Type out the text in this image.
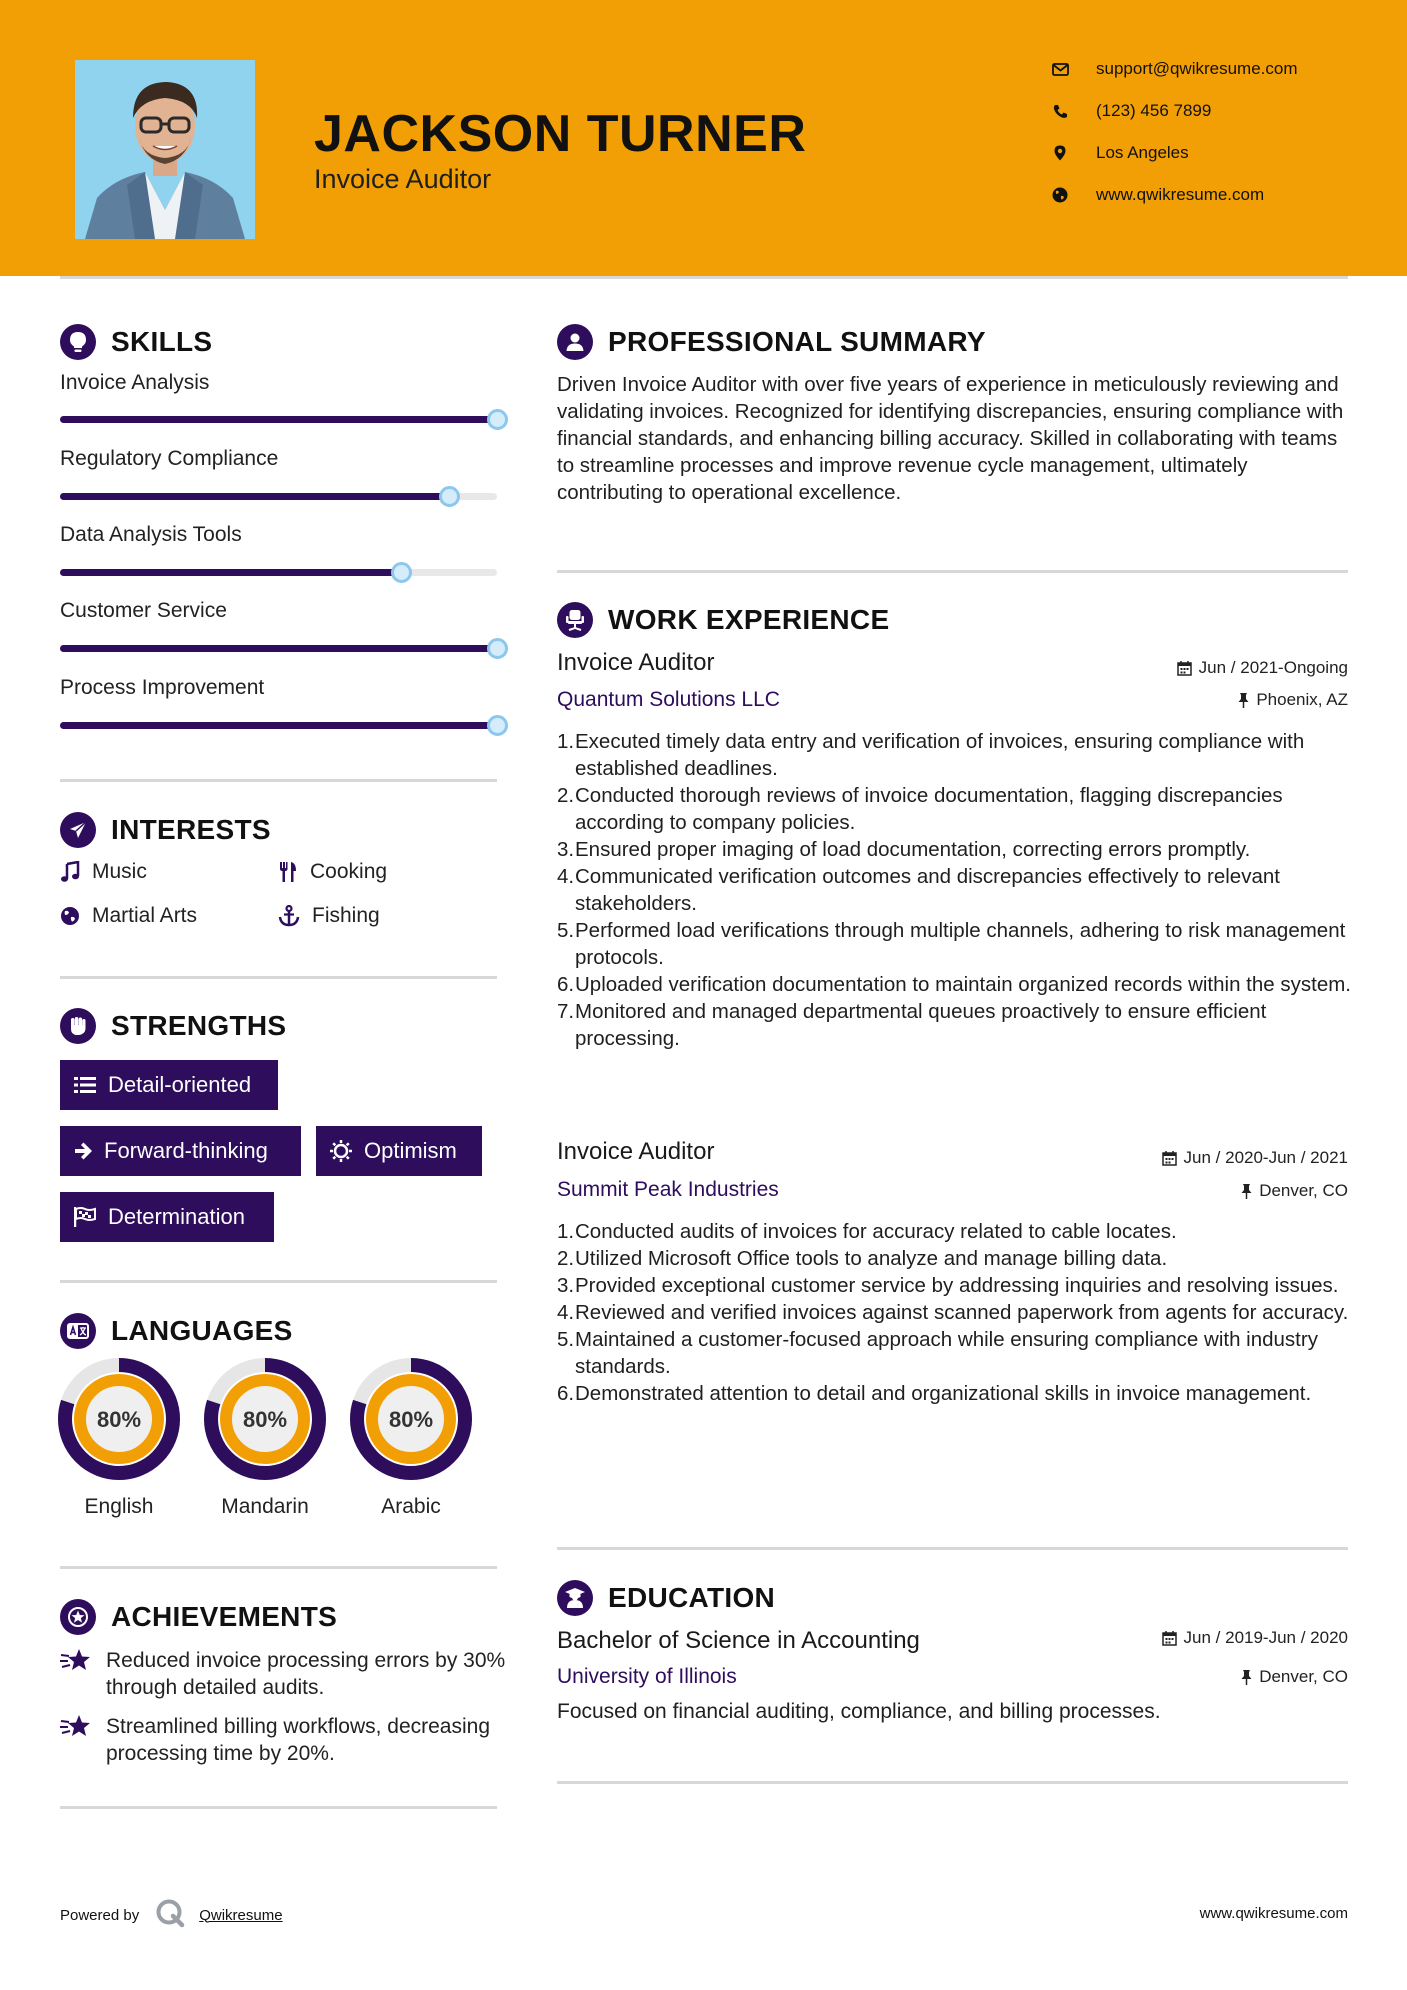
JACKSON TURNER
Invoice Auditor
support@qwikresume.com
(123) 456 7899
Los Angeles
www.qwikresume.com
SKILLS
Invoice Analysis
Regulatory Compliance
Data Analysis Tools
Customer Service
Process Improvement
INTERESTS
Music	Cooking
Martial Arts	Fishing
STRENGTHS
Detail-oriented
Forward-thinking	Optimism
Determination
LANGUAGES
80%
English
80%
Mandarin
80%
Arabic
ACHIEVEMENTS
Reduced invoice processing errors by 30% through detailed audits.
Streamlined billing workflows, decreasing processing time by 20%.
PROFESSIONAL SUMMARY
Driven Invoice Auditor with over five years of experience in meticulously reviewing and validating invoices. Recognized for identifying discrepancies, ensuring compliance with financial standards, and enhancing billing accuracy. Skilled in collaborating with teams to streamline processes and improve revenue cycle management, ultimately contributing to operational excellence.
WORK EXPERIENCE
Invoice Auditor	Jun / 2021-Ongoing
Quantum Solutions LLC	Phoenix, AZ
1. Executed timely data entry and verification of invoices, ensuring compliance with established deadlines.
2. Conducted thorough reviews of invoice documentation, flagging discrepancies according to company policies.
3. Ensured proper imaging of load documentation, correcting errors promptly.
4. Communicated verification outcomes and discrepancies effectively to relevant stakeholders.
5. Performed load verifications through multiple channels, adhering to risk management protocols.
6. Uploaded verification documentation to maintain organized records within the system.
7. Monitored and managed departmental queues proactively to ensure efficient processing.
Invoice Auditor	Jun / 2020-Jun / 2021
Summit Peak Industries	Denver, CO
1. Conducted audits of invoices for accuracy related to cable locates.
2. Utilized Microsoft Office tools to analyze and manage billing data.
3. Provided exceptional customer service by addressing inquiries and resolving issues.
4. Reviewed and verified invoices against scanned paperwork from agents for accuracy.
5. Maintained a customer-focused approach while ensuring compliance with industry standards.
6. Demonstrated attention to detail and organizational skills in invoice management.
EDUCATION
Bachelor of Science in Accounting	Jun / 2019-Jun / 2020
University of Illinois	Denver, CO
Focused on financial auditing, compliance, and billing processes.
Powered by	Qwikresume	www.qwikresume.com
